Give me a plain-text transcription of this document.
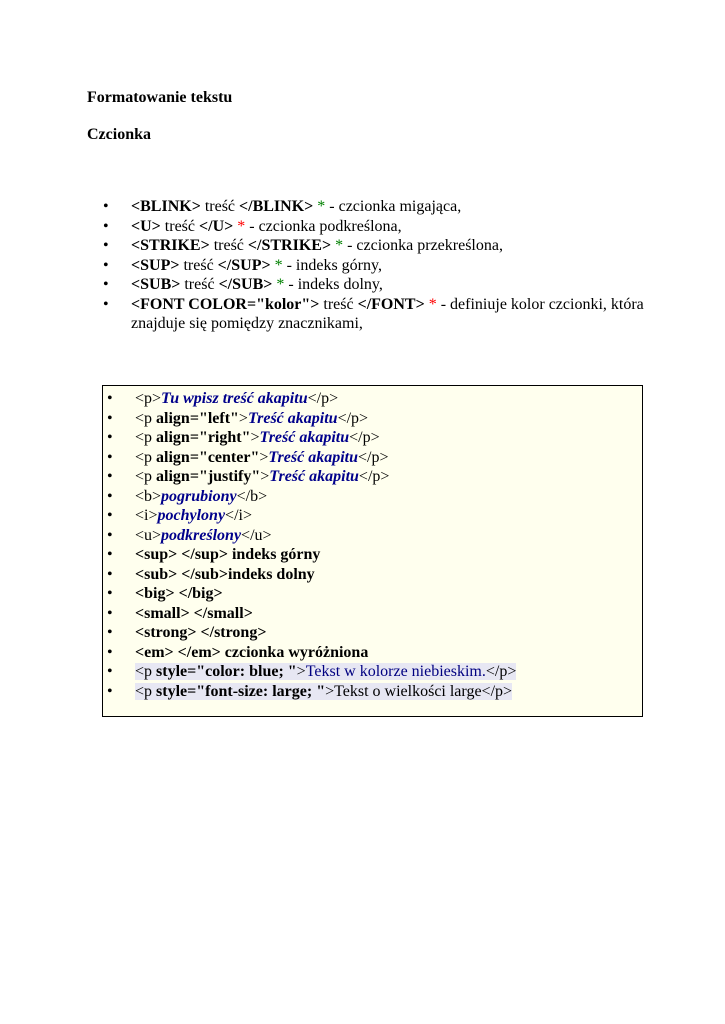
Formatowanie tekstu

Czcionka

•	<BLINK> treść </BLINK> * - czcionka migająca,
•	<U> treść </U> * - czcionka podkreślona,
•	<STRIKE> treść </STRIKE> * - czcionka przekreślona,
•	<SUP> treść </SUP> * - indeks górny,
•	<SUB> treść </SUB> * - indeks dolny,
•	<FONT COLOR="kolor"> treść </FONT> * - definiuje kolor czcionki, która znajduje się pomiędzy znacznikami,
•	<p>Tu wpisz treść akapitu</p>
•	<p align="left">Treść akapitu</p>
•	<p align="right">Treść akapitu</p>
•	<p align="center">Treść akapitu</p>
•	<p align="justify">Treść akapitu</p>
•	<b>pogrubiony</b>
•	<i>pochylony</i>
•	<u>podkreślony</u>
•	<sup> </sup> indeks górny
•	<sub> </sub>indeks dolny
•	<big> </big>
•	<small> </small>
•	<strong> </strong>
•	<em> </em> czcionka wyróżniona
•	<p style="color: blue; ">Tekst w kolorze niebieskim.</p>
•	<p style="font-size: large; ">Tekst o wielkości large</p>
